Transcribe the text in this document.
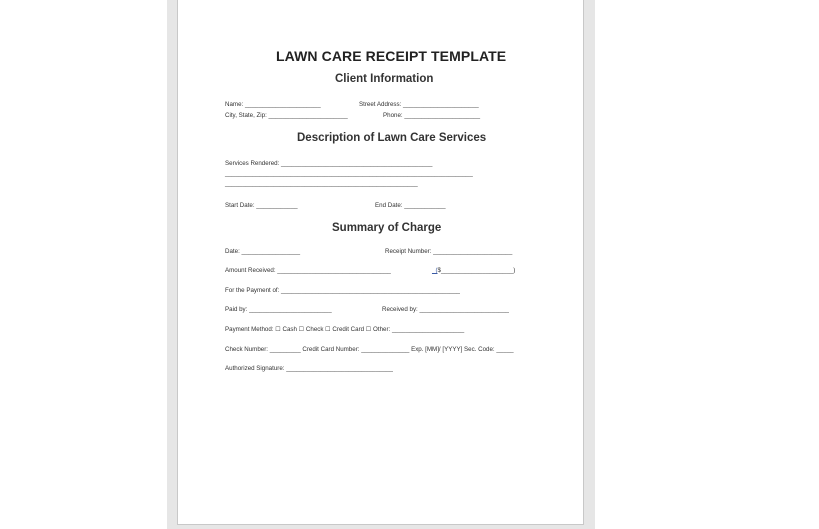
LAWN CARE RECEIPT TEMPLATE
Client Information
Name: ______________________	Street Address: ______________________
City, State, Zip: _______________________	Phone: ______________________
Description of Lawn Care Services
Services Rendered: ____________________________________________
________________________________________________________________________
________________________________________________________
Start Date: ____________	End Date: ____________
Summary of Charge
Date: _________________	Receipt Number: _______________________
Amount Received: _________________________________	_($_____________________)
For the Payment of: ____________________________________________________
Paid by: ________________________	Received by: __________________________
Payment Method: ☐ Cash ☐ Check ☐ Credit Card ☐ Other: _____________________
Check Number: _________ Credit Card Number: ______________ Exp. [MM]/ [YYYY] Sec. Code: _____
Authorized Signature: _______________________________
